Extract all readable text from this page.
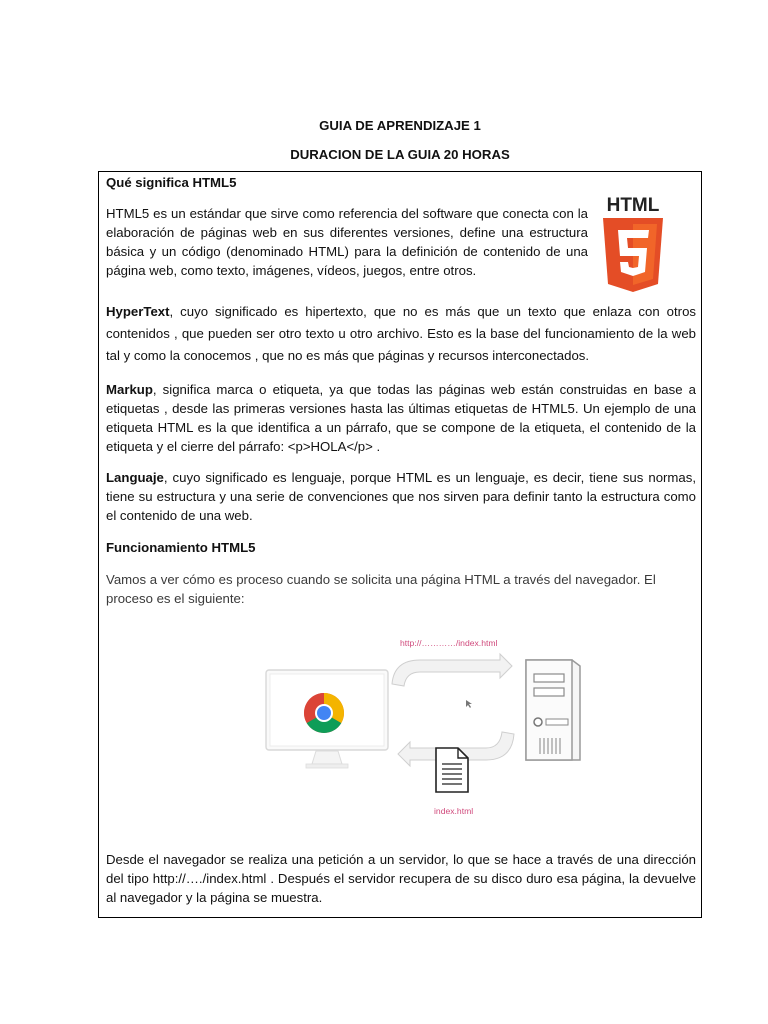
GUIA DE APRENDIZAJE 1
DURACION DE LA GUIA 20 HORAS
Qué significa HTML5

HTML5 es un estándar que sirve como referencia del software que conecta con la elaboración de páginas web en sus diferentes versiones, define una estructura básica y un código (denominado HTML) para la definición de contenido de una página web, como texto, imágenes, vídeos, juegos, entre otros.

HTML

HyperText, cuyo significado es hipertexto, que no es más que un texto que enlaza con otros contenidos , que pueden ser otro texto u otro archivo. Esto es la base del funcionamiento de la web tal y como la conocemos , que no es más que páginas y recursos interconectados.

Markup, significa marca o etiqueta, ya que todas las páginas web están construidas en base a etiquetas , desde las primeras versiones hasta las últimas etiquetas de HTML5. Un ejemplo de una etiqueta HTML es la que identifica a un párrafo, que se compone de la etiqueta, el contenido de la etiqueta y el cierre del párrafo: <p>HOLA</p> .

Languaje, cuyo significado es lenguaje, porque HTML es un lenguaje, es decir, tiene sus normas, tiene su estructura y una serie de convenciones que nos sirven para definir tanto la estructura como el contenido de una web.

Funcionamiento HTML5

Vamos a ver cómo es proceso cuando se solicita una página HTML a través del navegador. El proceso es el siguiente:

http://…………/index.html
index.html

Desde el navegador se realiza una petición a un servidor, lo que se hace a través de una dirección del tipo http://…./index.html . Después el servidor recupera de su disco duro esa página, la devuelve al navegador y la página se muestra.
